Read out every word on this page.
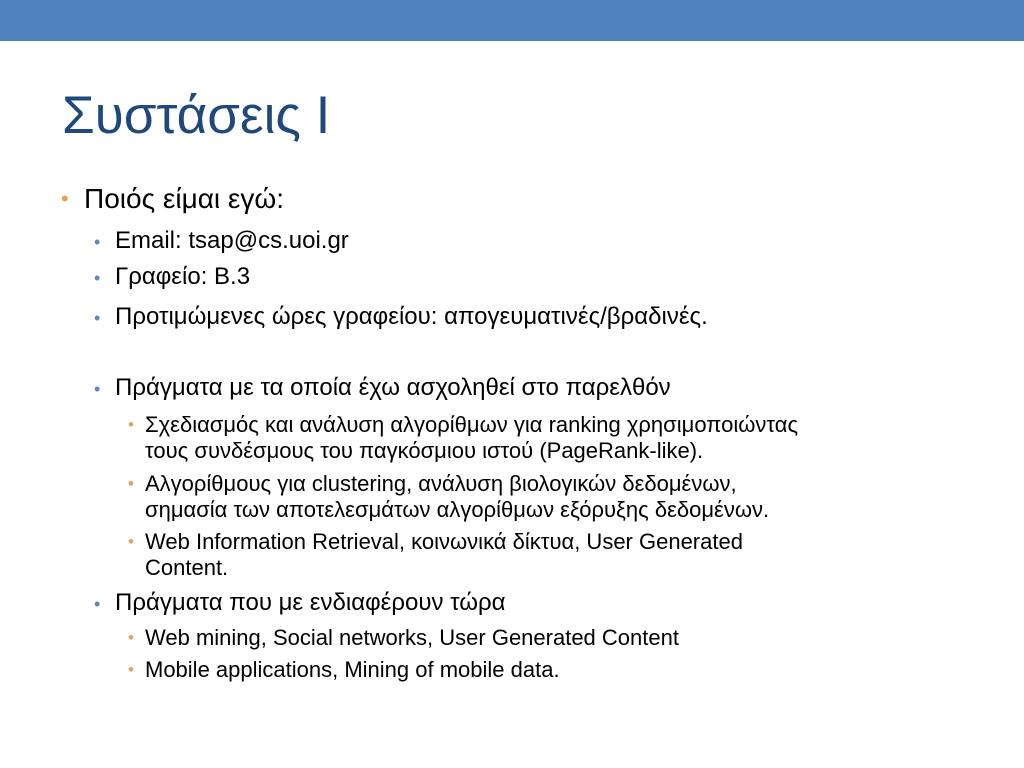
Συστάσεις Ι
• Ποιός είμαι εγώ:
• Email: tsap@cs.uoi.gr
• Γραφείο: Β.3
• Προτιμώμενες ώρες γραφείου: απογευματινές/βραδινές.
• Πράγματα με τα οποία έχω ασχοληθεί στο παρελθόν
• Σχεδιασμός και ανάλυση αλγορίθμων για ranking χρησιμοποιώντας
τους συνδέσμους του παγκόσμιου ιστού (PageRank-like).
• Αλγορίθμους για clustering, ανάλυση βιολογικών δεδομένων,
σημασία των αποτελεσμάτων αλγορίθμων εξόρυξης δεδομένων.
• Web Information Retrieval, κοινωνικά δίκτυα, User Generated
Content.
• Πράγματα που με ενδιαφέρουν τώρα
• Web mining, Social networks, User Generated Content
• Mobile applications, Mining of mobile data.
